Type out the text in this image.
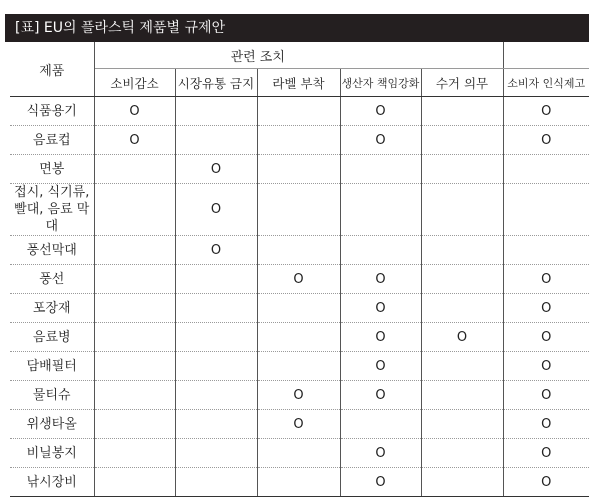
[표] EU의 플라스틱 제품별 규제안
제품	관련 조치					
	소비감소	시장유통 금지	라벨 부착	생산자 책임강화	수거 의무	소비자 인식제고
식품용기	O			O		O
음료컵	O			O		O
면봉		O				
접시, 식기류, 빨대, 음료 막대		O				
풍선막대		O				
풍선			O	O		O
포장재				O		O
음료병				O	O	O
담배필터				O		O
물티슈			O	O		O
위생타올			O			O
비닐봉지				O		O
낚시장비				O		O
